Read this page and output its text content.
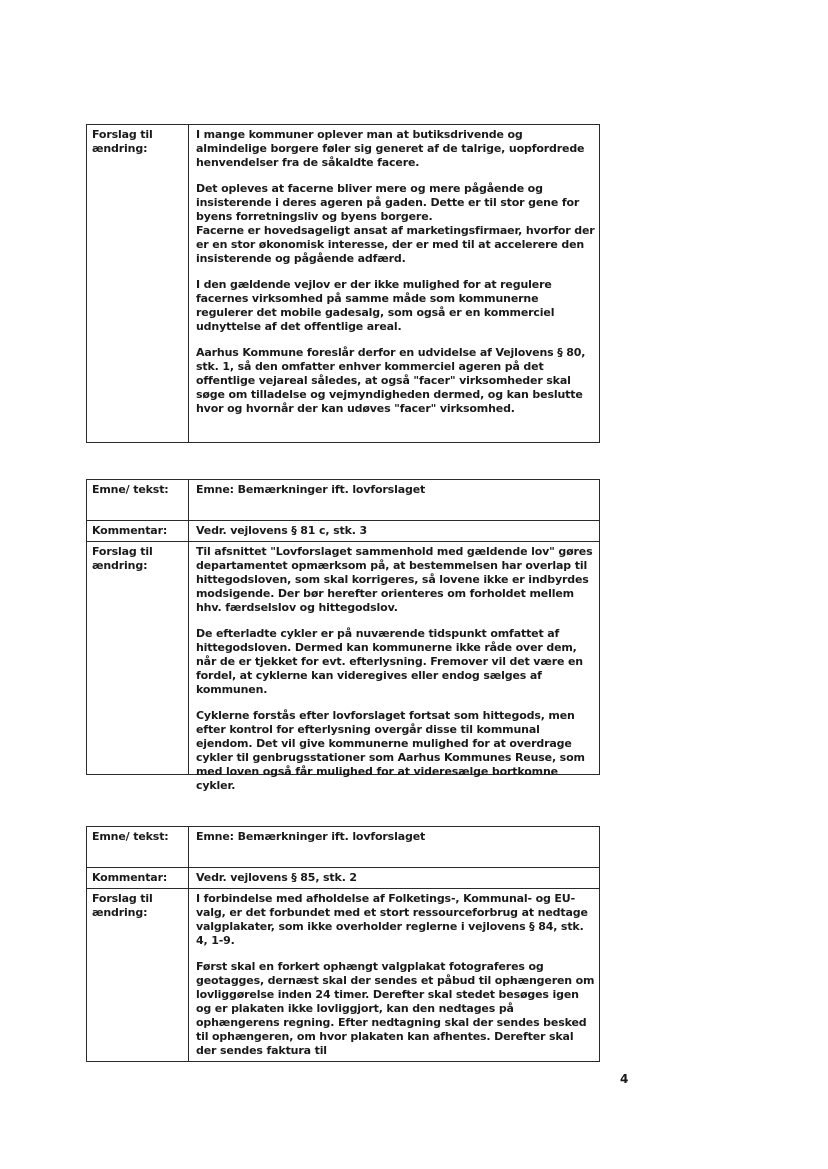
Forslag til ændring:	

I mange kommuner oplever man at butiksdrivende og almindelige borgere føler sig generet af de talrige, uopfordrede henvendelser fra de såkaldte facere.

Det opleves at facerne bliver mere og mere pågående og insisterende i deres ageren på gaden. Dette er til stor gene for byens forretningsliv og byens borgere.

Facerne er hovedsageligt ansat af marketingsfirmaer, hvorfor der er en stor økonomisk interesse, der er med til at accelerere den insisterende og pågående adfærd.

I den gældende vejlov er der ikke mulighed for at regulere facernes virksomhed på samme måde som kommunerne regulerer det mobile gadesalg, som også er en kommerciel udnyttelse af det offentlige areal.

Aarhus Kommune foreslår derfor en udvidelse af Vejlovens § 80, stk. 1, så den omfatter enhver kommerciel ageren på det offentlige vejareal således, at også "facer" virksomheder skal søge om tilladelse og vejmyndigheden dermed, og kan beslutte hvor og hvornår der kan udøves "facer" virksomhed.

Emne/ tekst:	Emne: Bemærkninger ift. lovforslaget
Kommentar:	Vedr. vejlovens § 81 c, stk. 3
Forslag til ændring:	Til afsnittet "Lovforslaget sammenhold med gældende lov" gøres departamentet opmærksom på, at bestemmelsen har overlap til hittegodsloven, som skal korrigeres, så lovene ikke er indbyrdes modsigende. Der bør herefter orienteres om forholdet mellem hhv. færdselslov og hittegodslov.

De efterladte cykler er på nuværende tidspunkt omfattet af hittegodsloven. Dermed kan kommunerne ikke råde over dem, når de er tjekket for evt. efterlysning. Fremover vil det være en fordel, at cyklerne kan videregives eller endog sælges af kommunen.

Cyklerne forstås efter lovforslaget fortsat som hittegods, men efter kontrol for efterlysning overgår disse til kommunal ejendom. Det vil give kommunerne mulighed for at overdrage cykler til genbrugsstationer som Aarhus Kommunes Reuse, som med loven også får mulighed for at videresælge bortkomne cykler.

Emne/ tekst:	Emne: Bemærkninger ift. lovforslaget
Kommentar:	Vedr. vejlovens § 85, stk. 2
Forslag til ændring:	I forbindelse med afholdelse af Folketings-, Kommunal- og EU-valg, er det forbundet med et stort ressourceforbrug at nedtage valgplakater, som ikke overholder reglerne i vejlovens § 84, stk. 4, 1-9.

Først skal en forkert ophængt valgplakat fotograferes og geotagges, dernæst skal der sendes et påbud til ophængeren om lovliggørelse inden 24 timer. Derefter skal stedet besøges igen og er plakaten ikke lovliggjort, kan den nedtages på ophængerens regning. Efter nedtagning skal der sendes besked til ophængeren, om hvor plakaten kan afhentes. Derefter skal der sendes faktura til

4
